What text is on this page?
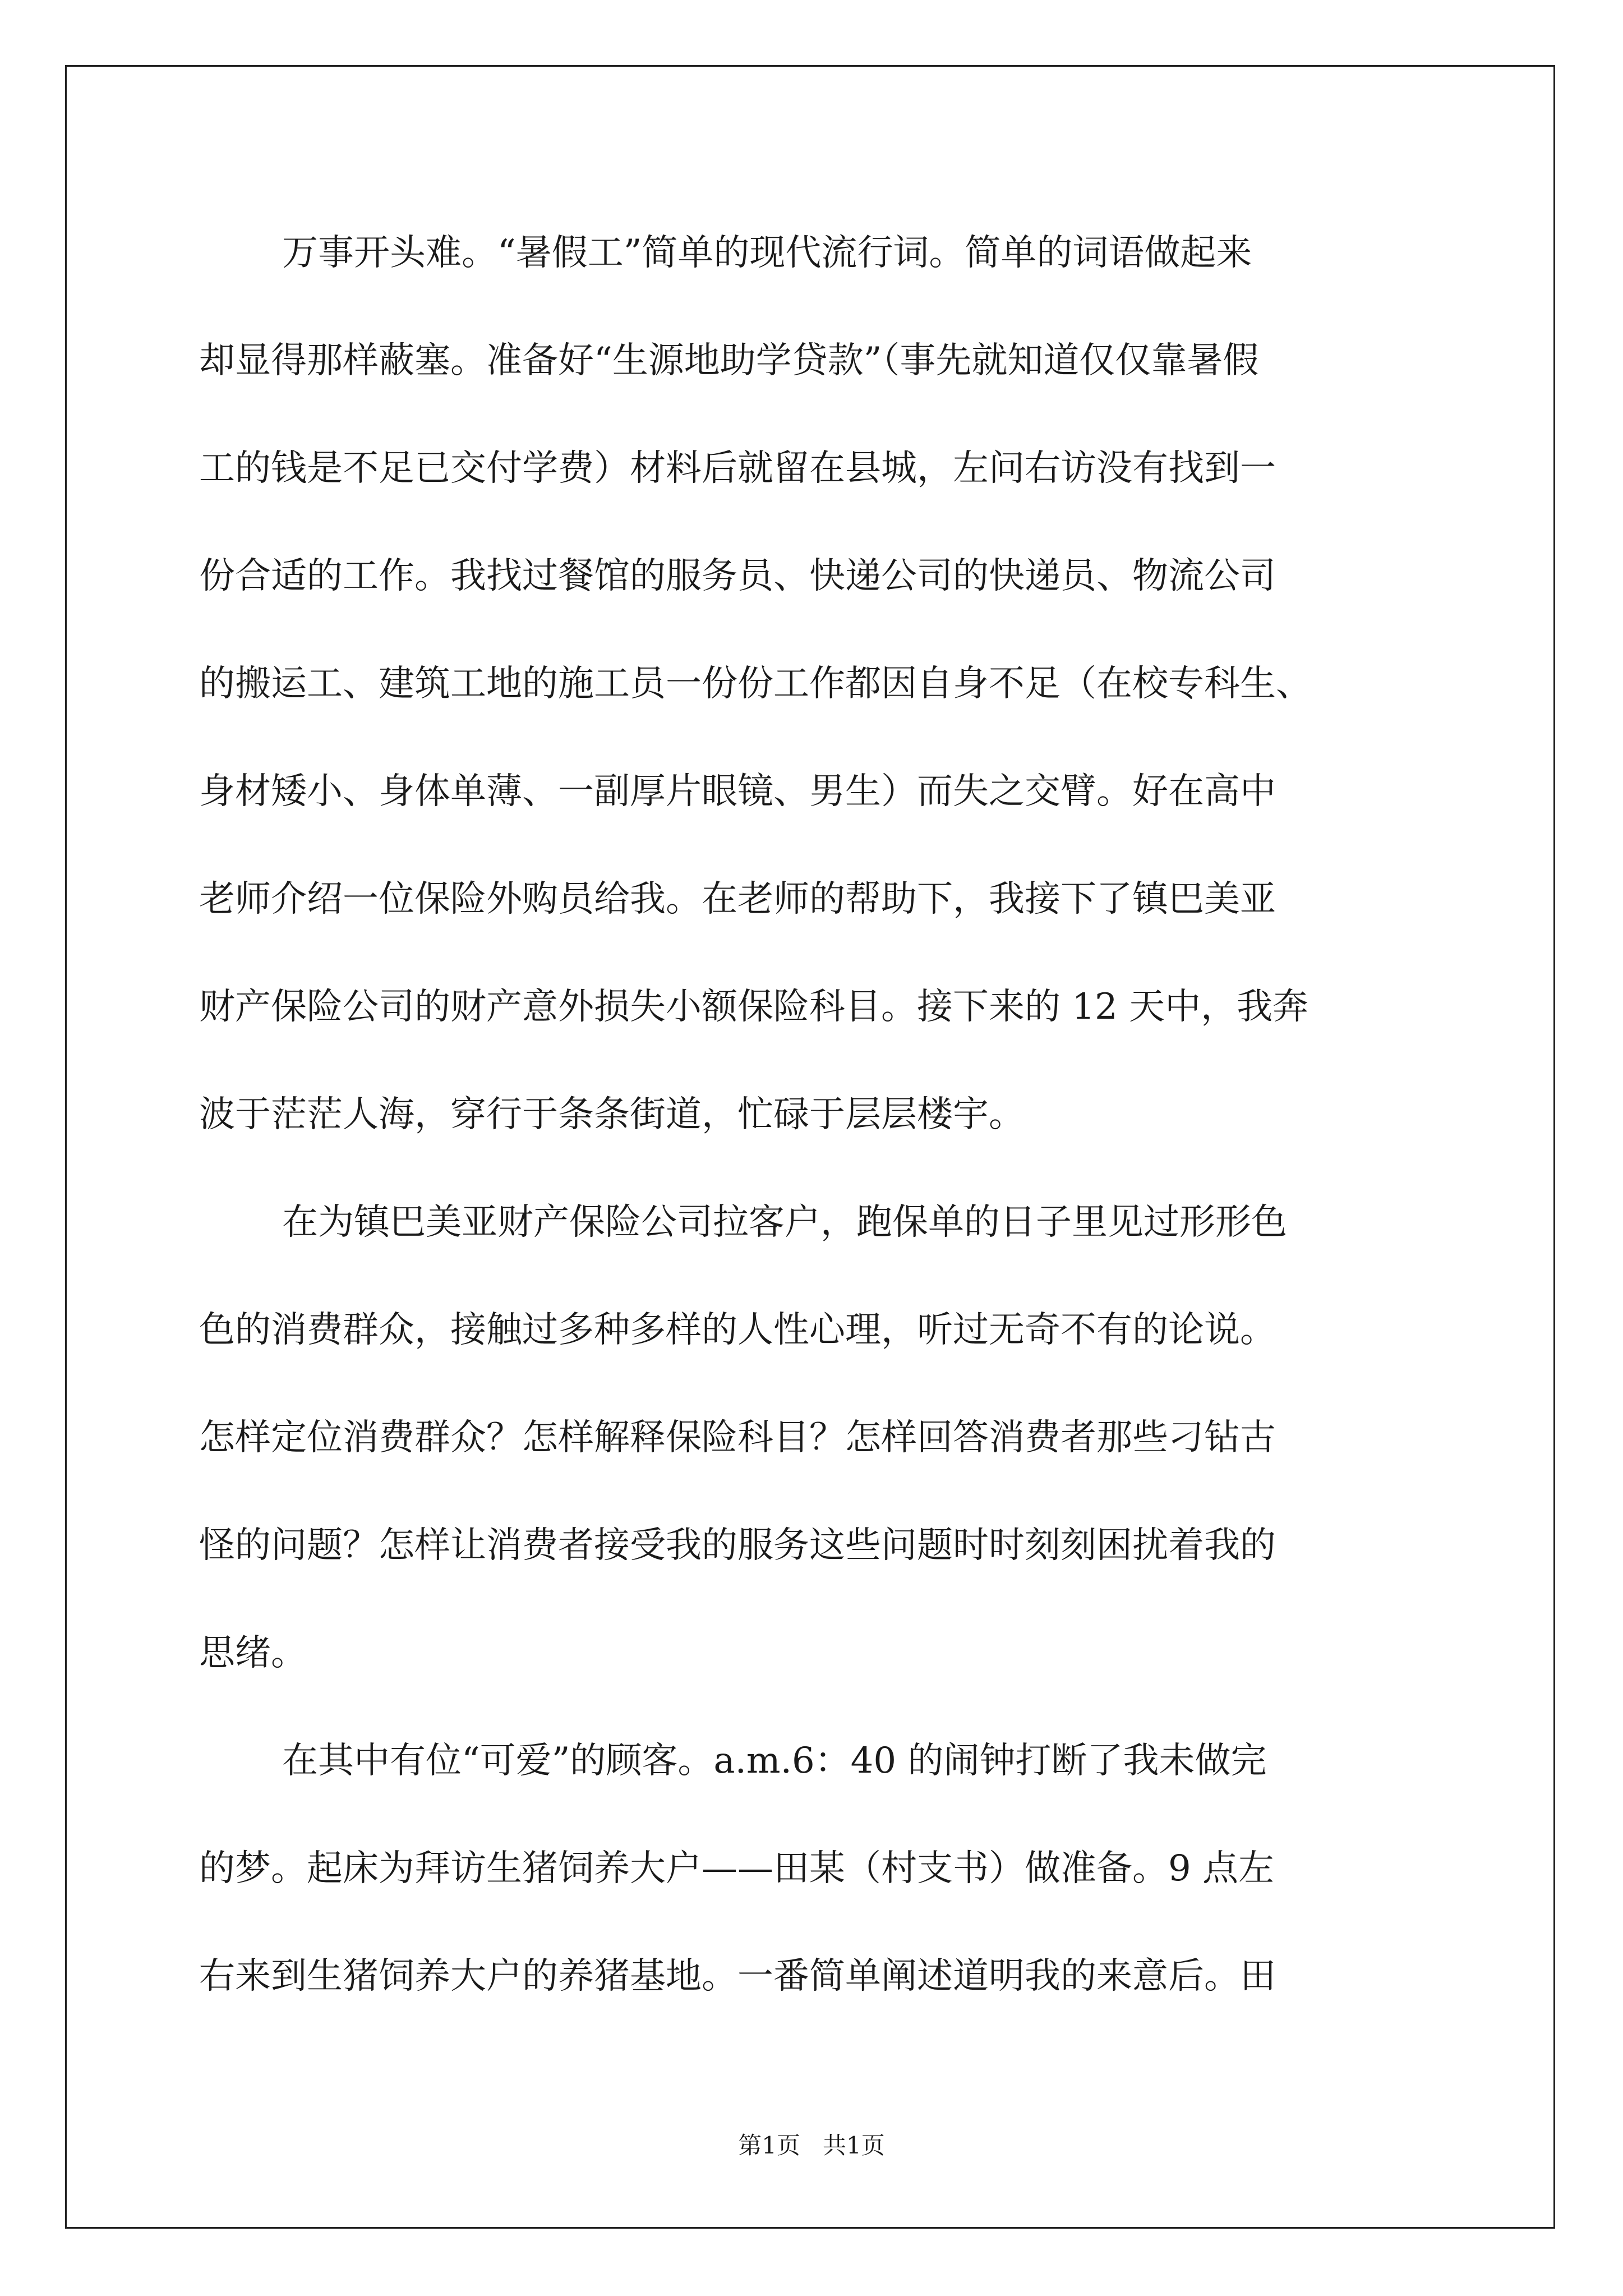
万事开头难。“暑假工”简单的现代流行词。简单的词语做起来
却显得那样蔽塞。准备好“生源地助学贷款”（事先就知道仅仅靠暑假
工的钱是不足已交付学费）材料后就留在县城，左问右访没有找到一
份合适的工作。我找过餐馆的服务员、快递公司的快递员、物流公司
的搬运工、建筑工地的施工员一份份工作都因自身不足（在校专科生、
身材矮小、身体单薄、一副厚片眼镜、男生）而失之交臂。好在高中
老师介绍一位保险外购员给我。在老师的帮助下，我接下了镇巴美亚
财产保险公司的财产意外损失小额保险科目。接下来的 12 天中，我奔
波于茫茫人海，穿行于条条街道，忙碌于层层楼宇。
在为镇巴美亚财产保险公司拉客户，跑保单的日子里见过形形色
色的消费群众，接触过多种多样的人性心理，听过无奇不有的论说。
怎样定位消费群众？怎样解释保险科目？怎样回答消费者那些刁钻古
怪的问题？怎样让消费者接受我的服务这些问题时时刻刻困扰着我的
思绪。
在其中有位“可爱”的顾客。a.m.6：40 的闹钟打断了我未做完
的梦。起床为拜访生猪饲养大户——田某（村支书）做准备。9 点左
右来到生猪饲养大户的养猪基地。一番简单阐述道明我的来意后。田
第1页   共1页
